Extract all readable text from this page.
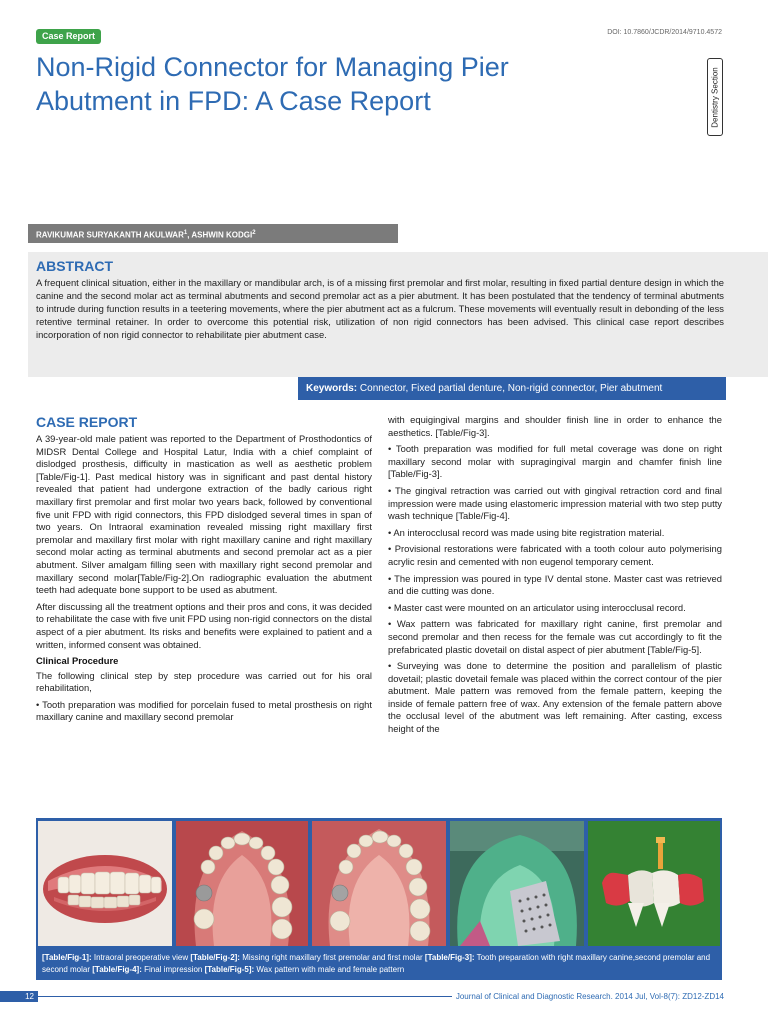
Case Report	DOI: 10.7860/JCDR/2014/9710.4572
Non-Rigid Connector for Managing Pier
Abutment in FPD: A Case Report	Dentistry Section
RAVIKUMAR SURYAKANTH AKULWAR$^1$, ASHWIN KODGI$^2$
ABSTRACT
A frequent clinical situation, either in the maxillary or mandibular arch, is of a missing first premolar and first molar, resulting in fixed partial denture design in which the canine and the second molar act as terminal abutments and second premolar act as a pier abutment. It has been postulated that the tendency of terminal abutments to intrude during function results in a teetering movements, where the pier abutment act as a fulcrum. These movements will eventually result in debonding of the less retentive terminal retainer. In order to overcome this potential risk, utilization of non rigid connectors has been advised. This clinical case report describes incorporation of non rigid connector to rehabilitate pier abutment case.
Keywords: Connector, Fixed partial denture, Non-rigid connector, Pier abutment

CASE REPORT

A 39-year-old male patient was reported to the Department of Prosthodontics of MIDSR Dental College and Hospital Latur, India with a chief complaint of dislodged prosthesis, difficulty in mastication as well as aesthetic problem [Table/Fig-1]. Past medical history was in significant and past dental history revealed that patient had undergone extraction of the badly carious right maxillary first premolar and first molar two years back, followed by conventional five unit FPD with rigid connectors, this FPD dislodged several times in span of two years. On Intraoral examination revealed missing right maxillary first premolar and maxillary first molar with right maxillary canine and right maxillary second molar acting as terminal abutments and second premolar act as a pier abutment. Silver amalgam filling seen with maxillary right second premolar and maxillary second molar[Table/Fig-2].On radiographic evaluation the abutment teeth had adequate bone support to be used as abutment.

After discussing all the treatment options and their pros and cons, it was decided to rehabilitate the case with five unit FPD using non-rigid connectors on the distal aspect of a pier abutment. Its risks and benefits were explained to patient and a written, informed consent was obtained.

Clinical Procedure

The following clinical step by step procedure was carried out for his oral rehabilitation,

• Tooth preparation was modified for porcelain fused to metal prosthesis on right maxillary canine and maxillary second premolar

with equigingival margins and shoulder finish line in order to enhance the aesthetics. [Table/Fig-3].

• Tooth preparation was modified for full metal coverage was done on right maxillary second molar with supragingival margin and chamfer finish line [Table/Fig-3].

• The gingival retraction was carried out with gingival retraction cord and final impression were made using elastomeric impression material with two step putty wash technique [Table/Fig-4].

• An interocclusal record was made using bite registration material.

• Provisional restorations were fabricated with a tooth colour auto polymerising acrylic resin and cemented with non eugenol temporary cement.

• The impression was poured in type IV dental stone. Master cast was retrieved and die cutting was done.

• Master cast were mounted on an articulator using interocclusal record.

• Wax pattern was fabricated for maxillary right canine, first premolar and second premolar and then recess for the female was cut accordingly to fit the prefabricated plastic dovetail on distal aspect of pier abutment [Table/Fig-5].

• Surveying was done to determine the position and parallelism of plastic dovetail; plastic dovetail female was placed within the correct contour of the pier abutment. Male pattern was removed from the female pattern, keeping the inside of female pattern free of wax. Any extension of the female pattern above the occlusal level of the abutment was left remaining. After casting, excess height of the

[Table/Fig-1]: Intraoral preoperative view [Table/Fig-2]: Missing right maxillary first premolar and first molar [Table/Fig-3]: Tooth preparation with right maxillary canine,second premolar and second molar [Table/Fig-4]: Final impression [Table/Fig-5]: Wax pattern with male and female pattern
12	Journal of Clinical and Diagnostic Research. 2014 Jul, Vol-8(7): ZD12-ZD14
